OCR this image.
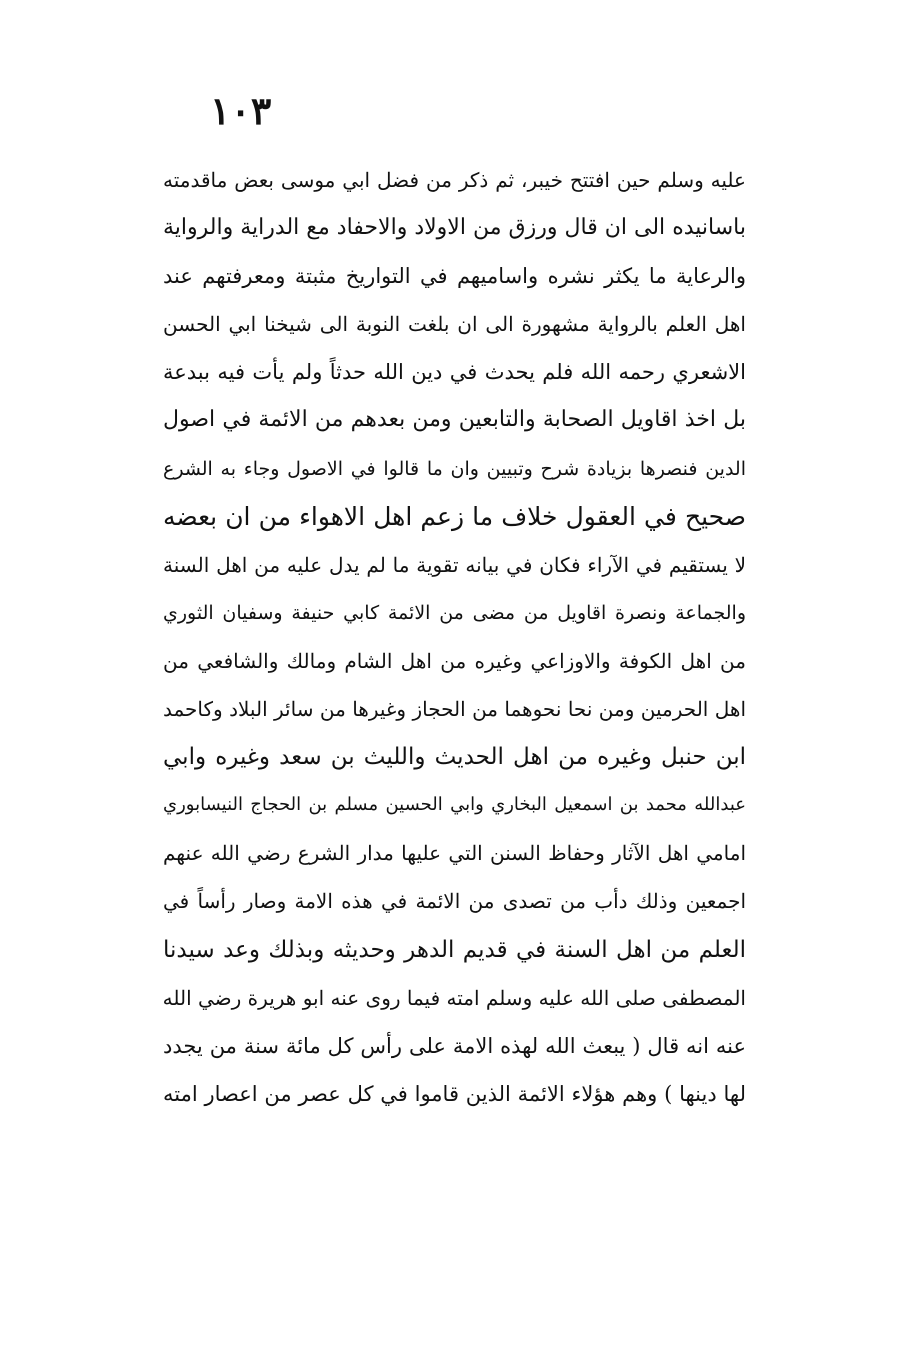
١٠٣
عليه وسلم حين افتتح خيبر، ثم ذكر من فضل ابي موسى بعض ماقدمته
باسانيده الى ان قال ورزق من الاولاد والاحفاد مع الدراية والرواية
والرعاية ما يكثر نشره واساميهم في التواريخ مثبتة ومعرفتهم عند
اهل العلم بالرواية مشهورة الى ان بلغت النوبة الى شيخنا ابي الحسن
الاشعري رحمه الله فلم يحدث في دين الله حدثاً ولم يأت فيه ببدعة
بل اخذ اقاويل الصحابة والتابعين ومن بعدهم من الائمة في اصول
الدين فنصرها بزيادة شرح وتبيين وان ما قالوا في الاصول وجاء به الشرع
صحيح في العقول خلاف ما زعم اهل الاهواء من ان بعضه
لا يستقيم في الآراء فكان في بيانه تقوية ما لم يدل عليه من اهل السنة
والجماعة ونصرة اقاويل من مضى من الائمة كابي حنيفة وسفيان الثوري
من اهل الكوفة والاوزاعي وغيره من اهل الشام ومالك والشافعي من
اهل الحرمين ومن نحا نحوهما من الحجاز وغيرها من سائر البلاد وكاحمد
ابن حنبل وغيره من اهل الحديث والليث بن سعد وغيره وابي
عبدالله محمد بن اسمعيل البخاري وابي الحسين مسلم بن الحجاج النيسابوري
امامي اهل الآثار وحفاظ السنن التي عليها مدار الشرع رضي الله عنهم
اجمعين وذلك دأب من تصدى من الائمة في هذه الامة وصار رأساً في
العلم من اهل السنة في قديم الدهر وحديثه وبذلك وعد سيدنا
المصطفى صلى الله عليه وسلم امته فيما روى عنه ابو هريرة رضي الله
عنه انه قال ( يبعث الله لهذه الامة على رأس كل مائة سنة من يجدد
لها دينها ) وهم هؤلاء الائمة الذين قاموا في كل عصر من اعصار امته
